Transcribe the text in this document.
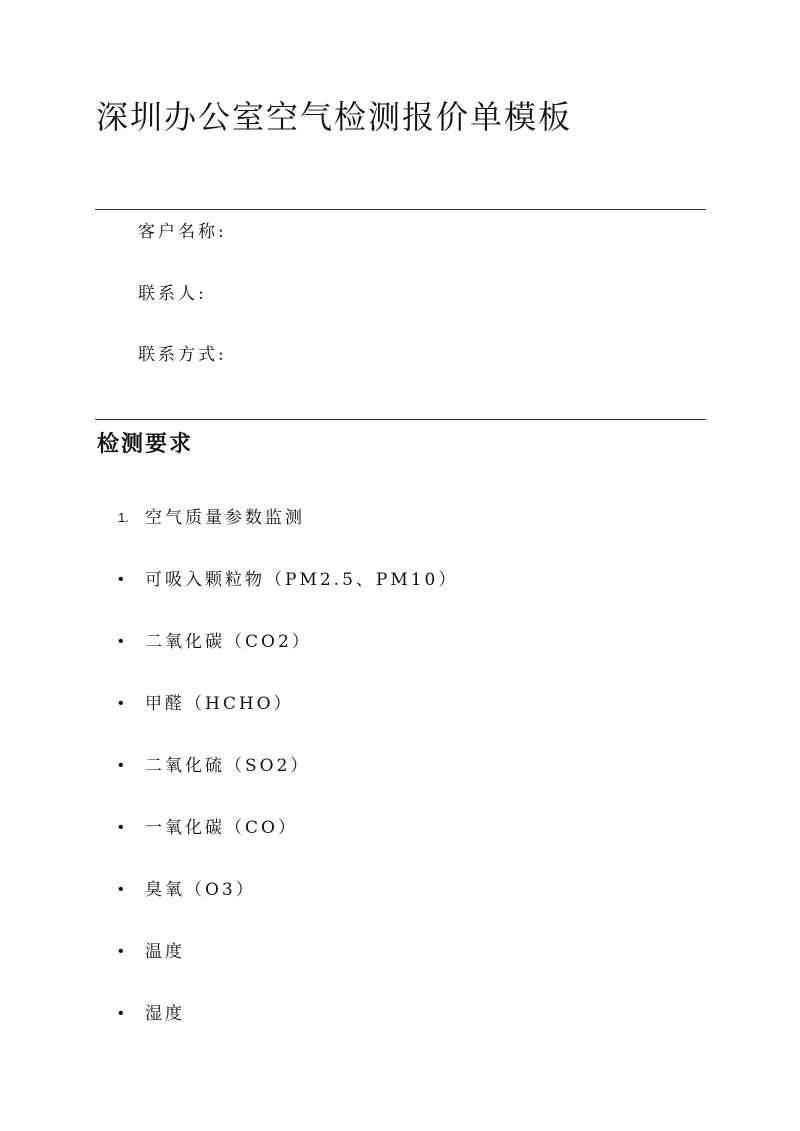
深圳办公室空气检测报价单模板
客户名称:
联系人:
联系方式:
检测要求
1. 空气质量参数监测
•	可吸入颗粒物（PM2.5、PM10）
•	二氧化碳（CO2）
•	甲醛（HCHO）
•	二氧化硫（SO2）
•	一氧化碳（CO）
•	臭氧（O3）
•	温度
•	湿度
